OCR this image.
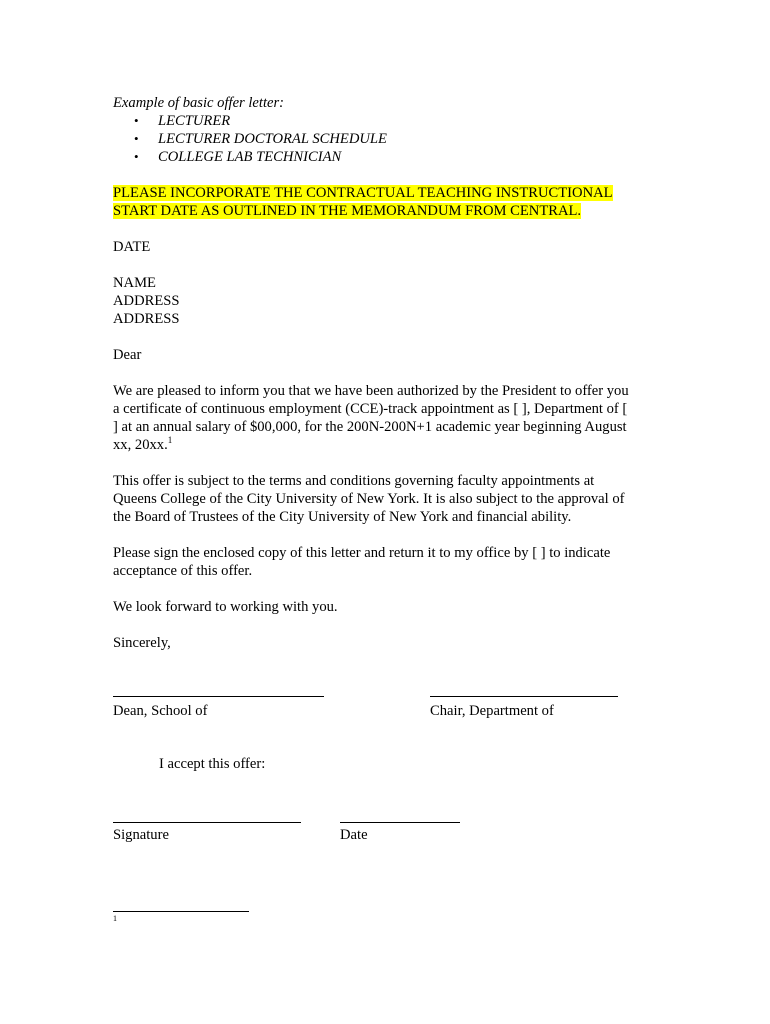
Example of basic offer letter:

• LECTURER
• LECTURER DOCTORAL SCHEDULE
• COLLEGE LAB TECHNICIAN
PLEASE INCORPORATE THE CONTRACTUAL TEACHING INSTRUCTIONAL
START DATE AS OUTLINED IN THE MEMORANDUM FROM CENTRAL.

DATE

NAME

ADDRESS

ADDRESS

Dear

We are pleased to inform you that we have been authorized by the President to offer you

a certificate of continuous employment (CCE)-track appointment as [ ], Department of [

] at an annual salary of $00,000, for the 200N-200N+1 academic year beginning August

xx, 20xx.$^1$

This offer is subject to the terms and conditions governing faculty appointments at

Queens College of the City University of New York. It is also subject to the approval of

the Board of Trustees of the City University of New York and financial ability.

Please sign the enclosed copy of this letter and return it to my office by [ ] to indicate

acceptance of this offer.

We look forward to working with you.

Sincerely,

Dean, School of	Chair, Department of
I accept this offer:
Signature	Date
1
